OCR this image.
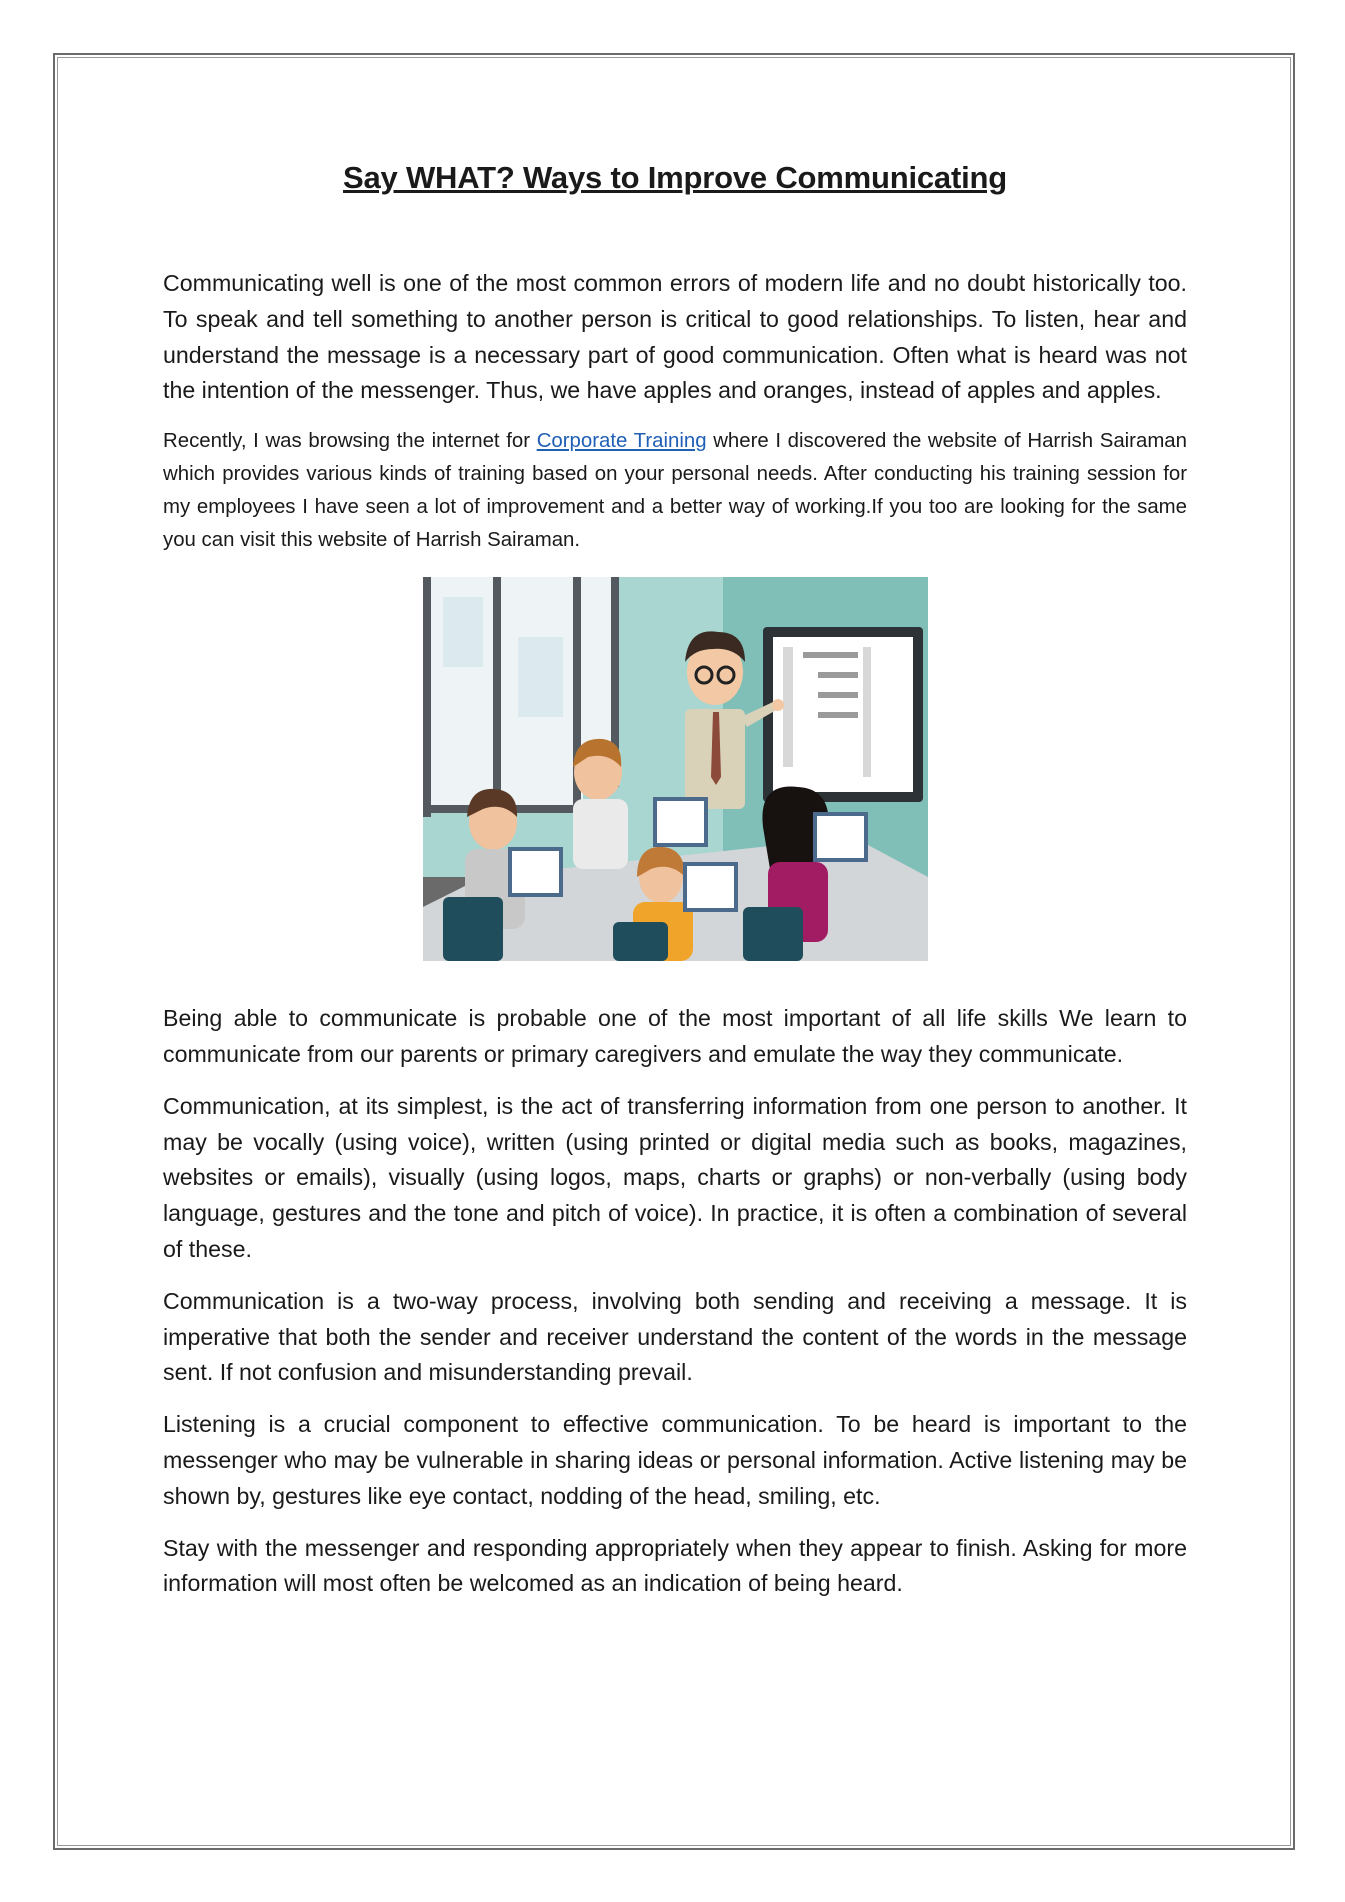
Say WHAT? Ways to Improve Communicating

Communicating well is one of the most common errors of modern life and no doubt historically too. To speak and tell something to another person is critical to good relationships. To listen, hear and understand the message is a necessary part of good communication. Often what is heard was not the intention of the messenger. Thus, we have apples and oranges, instead of apples and apples.

Recently, I was browsing the internet for Corporate Training where I discovered the website of Harrish Sairaman which provides various kinds of training based on your personal needs. After conducting his training session for my employees I have seen a lot of improvement and a better way of working.If you too are looking for the same you can visit this website of Harrish Sairaman.

Being able to communicate is probable one of the most important of all life skills We learn to communicate from our parents or primary caregivers and emulate the way they communicate.

Communication, at its simplest, is the act of transferring information from one person to another. It may be vocally (using voice), written (using printed or digital media such as books, magazines, websites or emails), visually (using logos, maps, charts or graphs) or non-verbally (using body language, gestures and the tone and pitch of voice). In practice, it is often a combination of several of these.

Communication is a two-way process, involving both sending and receiving a message. It is imperative that both the sender and receiver understand the content of the words in the message sent. If not confusion and misunderstanding prevail.

Listening is a crucial component to effective communication. To be heard is important to the messenger who may be vulnerable in sharing ideas or personal information. Active listening may be shown by, gestures like eye contact, nodding of the head, smiling, etc.

Stay with the messenger and responding appropriately when they appear to finish. Asking for more information will most often be welcomed as an indication of being heard.
